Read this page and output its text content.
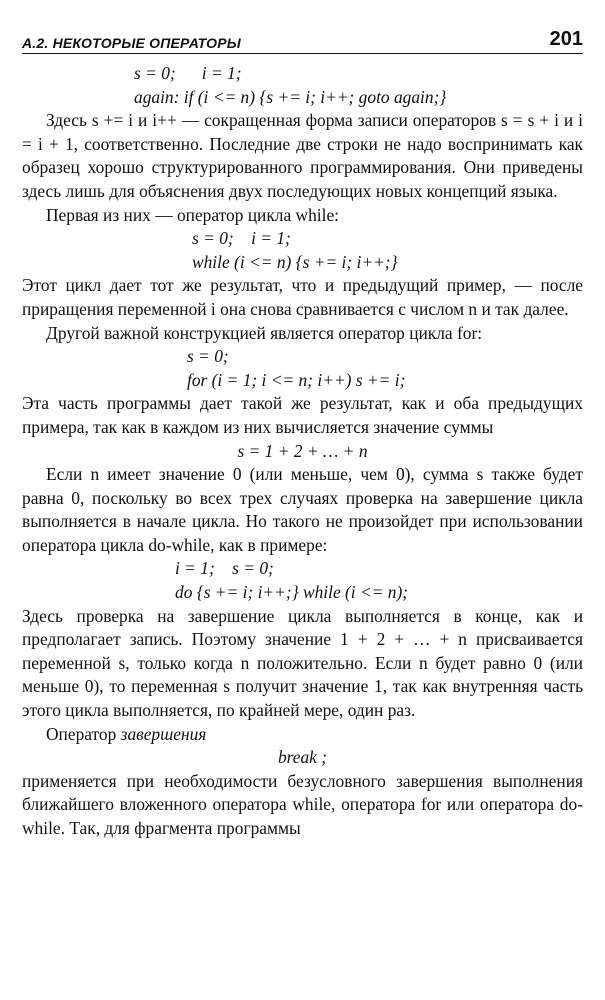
А.2. НЕКОТОРЫЕ ОПЕРАТОРЫ	201

s = 0;      i = 1;

again: if (i <= n) {s += i; i++; goto again;}

Здесь s += i и i++ — сокращенная форма записи операторов s = s + i и i = i + 1, соответственно. Последние две строки не надо воспринимать как образец хорошо структурированного программирования. Они приведены здесь лишь для объяснения двух последующих новых концепций языка.

Первая из них — оператор цикла while:

s = 0;    i = 1;

while (i <= n) {s += i; i++;}

Этот цикл дает тот же результат, что и предыдущий пример, — после приращения переменной i она снова сравнивается с числом n и так далее.

Другой важной конструкцией является оператор цикла for:

s = 0;

for (i = 1; i <= n; i++) s += i;

Эта часть программы дает такой же результат, как и оба предыдущих примера, так как в каждом из них вычисляется значение суммы

s = 1 + 2 + … + n

Если n имеет значение 0 (или меньше, чем 0), сумма s также будет равна 0, поскольку во всех трех случаях проверка на завершение цикла выполняется в начале цикла. Но такого не произойдет при использовании оператора цикла do-while, как в примере:

i = 1;    s = 0;

do {s += i; i++;} while (i <= n);

Здесь проверка на завершение цикла выполняется в конце, как и предполагает запись. Поэтому значение 1 + 2 + … + n присваивается переменной s, только когда n положительно. Если n будет равно 0 (или меньше 0), то переменная s получит значение 1, так как внутренняя часть этого цикла выполняется, по крайней мере, один раз.

Оператор завершения

break ;

применяется при необходимости безусловного завершения выполнения ближайшего вложенного оператора while, оператора for или оператора do-while. Так, для фрагмента программы
